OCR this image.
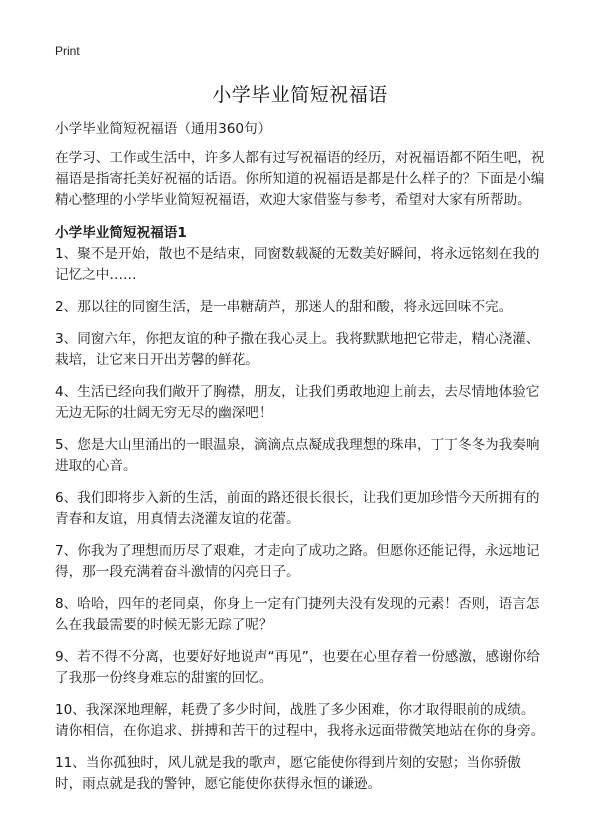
Print
小学毕业简短祝福语

小学毕业简短祝福语（通用360句）

在学习、工作或生活中，许多人都有过写祝福语的经历，对祝福语都不陌生吧，祝福语是指寄托美好祝福的话语。你所知道的祝福语是都是什么样子的？下面是小编精心整理的小学毕业简短祝福语，欢迎大家借鉴与参考，希望对大家有所帮助。

小学毕业简短祝福语1

1、聚不是开始，散也不是结束，同窗数载凝的无数美好瞬间，将永远铭刻在我的记忆之中……

2、那以往的同窗生活，是一串糖葫芦，那迷人的甜和酸，将永远回味不完。

3、同窗六年，你把友谊的种子撒在我心灵上。我将默默地把它带走，精心浇灌、栽培，让它来日开出芳馨的鲜花。

4、生活已经向我们敞开了胸襟，朋友，让我们勇敢地迎上前去，去尽情地体验它无边无际的壮阔无穷无尽的幽深吧！

5、您是大山里涌出的一眼温泉，滴滴点点凝成我理想的珠串，丁丁冬冬为我奏响进取的心音。

6、我们即将步入新的生活，前面的路还很长很长，让我们更加珍惜今天所拥有的青春和友谊，用真情去浇灌友谊的花蕾。

7、你我为了理想而历尽了艰难，才走向了成功之路。但愿你还能记得，永远地记得，那一段充满着奋斗激情的闪亮日子。

8、哈哈，四年的老同桌，你身上一定有门捷列夫没有发现的元素！否则，语言怎么在我最需要的时候无影无踪了呢？

9、若不得不分离，也要好好地说声“再见”，也要在心里存着一份感激，感谢你给了我那一份终身难忘的甜蜜的回忆。

10、我深深地理解，耗费了多少时间，战胜了多少困难，你才取得眼前的成绩。请你相信，在你追求、拼搏和苦干的过程中，我将永远面带微笑地站在你的身旁。

11、当你孤独时，风儿就是我的歌声，愿它能使你得到片刻的安慰；当你骄傲时，雨点就是我的警钟，愿它能使你获得永恒的谦逊。
